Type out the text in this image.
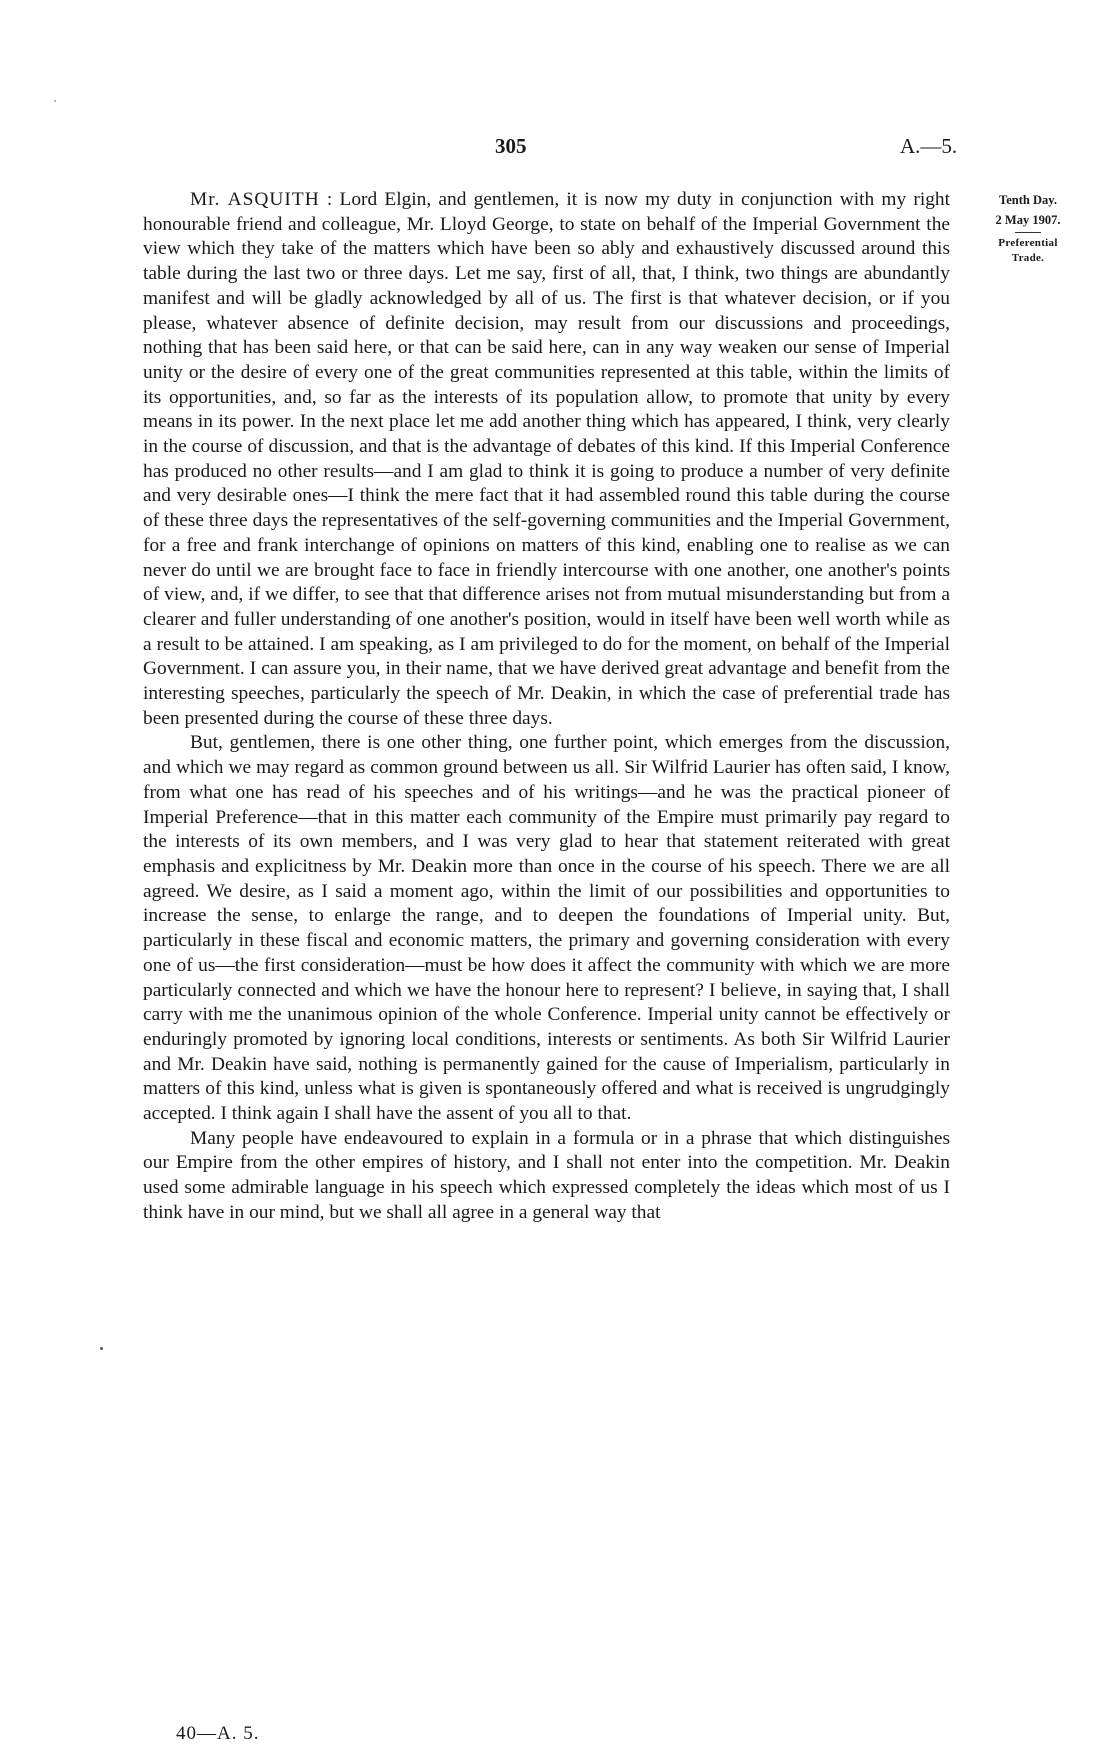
305	A.—5.
Tenth Day.
2 May 1907.
Preferential
Trade.

Mr. ASQUITH : Lord Elgin, and gentlemen, it is now my duty in conjunction with my right honourable friend and colleague, Mr. Lloyd George, to state on behalf of the Imperial Government the view which they take of the matters which have been so ably and exhaustively discussed around this table during the last two or three days. Let me say, first of all, that, I think, two things are abundantly manifest and will be gladly acknowledged by all of us. The first is that whatever decision, or if you please, whatever absence of definite decision, may result from our discussions and proceedings, nothing that has been said here, or that can be said here, can in any way weaken our sense of Imperial unity or the desire of every one of the great communities represented at this table, within the limits of its opportunities, and, so far as the interests of its population allow, to promote that unity by every means in its power. In the next place let me add another thing which has appeared, I think, very clearly in the course of discussion, and that is the advantage of debates of this kind. If this Imperial Conference has produced no other results—and I am glad to think it is going to produce a number of very definite and very desirable ones—I think the mere fact that it had assembled round this table during the course of these three days the representatives of the self-governing communities and the Imperial Government, for a free and frank interchange of opinions on matters of this kind, enabling one to realise as we can never do until we are brought face to face in friendly intercourse with one another, one another's points of view, and, if we differ, to see that that difference arises not from mutual misunderstanding but from a clearer and fuller understanding of one another's position, would in itself have been well worth while as a result to be attained. I am speaking, as I am privileged to do for the moment, on behalf of the Imperial Government. I can assure you, in their name, that we have derived great advantage and benefit from the interesting speeches, particularly the speech of Mr. Deakin, in which the case of preferential trade has been presented during the course of these three days.

But, gentlemen, there is one other thing, one further point, which emerges from the discussion, and which we may regard as common ground between us all. Sir Wilfrid Laurier has often said, I know, from what one has read of his speeches and of his writings—and he was the practical pioneer of Imperial Preference—that in this matter each community of the Empire must primarily pay regard to the interests of its own members, and I was very glad to hear that statement reiterated with great emphasis and explicitness by Mr. Deakin more than once in the course of his speech. There we are all agreed. We desire, as I said a moment ago, within the limit of our possibilities and opportunities to increase the sense, to enlarge the range, and to deepen the foundations of Imperial unity. But, particularly in these fiscal and economic matters, the primary and governing consideration with every one of us—the first consideration—must be how does it affect the community with which we are more particularly connected and which we have the honour here to represent? I believe, in saying that, I shall carry with me the unanimous opinion of the whole Conference. Imperial unity cannot be effectively or enduringly promoted by ignoring local conditions, interests or sentiments. As both Sir Wilfrid Laurier and Mr. Deakin have said, nothing is permanently gained for the cause of Imperialism, particularly in matters of this kind, unless what is given is spontaneously offered and what is received is ungrudgingly accepted. I think again I shall have the assent of you all to that.

Many people have endeavoured to explain in a formula or in a phrase that which distinguishes our Empire from the other empires of history, and I shall not enter into the competition. Mr. Deakin used some admirable language in his speech which expressed completely the ideas which most of us I think have in our mind, but we shall all agree in a general way that

40—A. 5.
